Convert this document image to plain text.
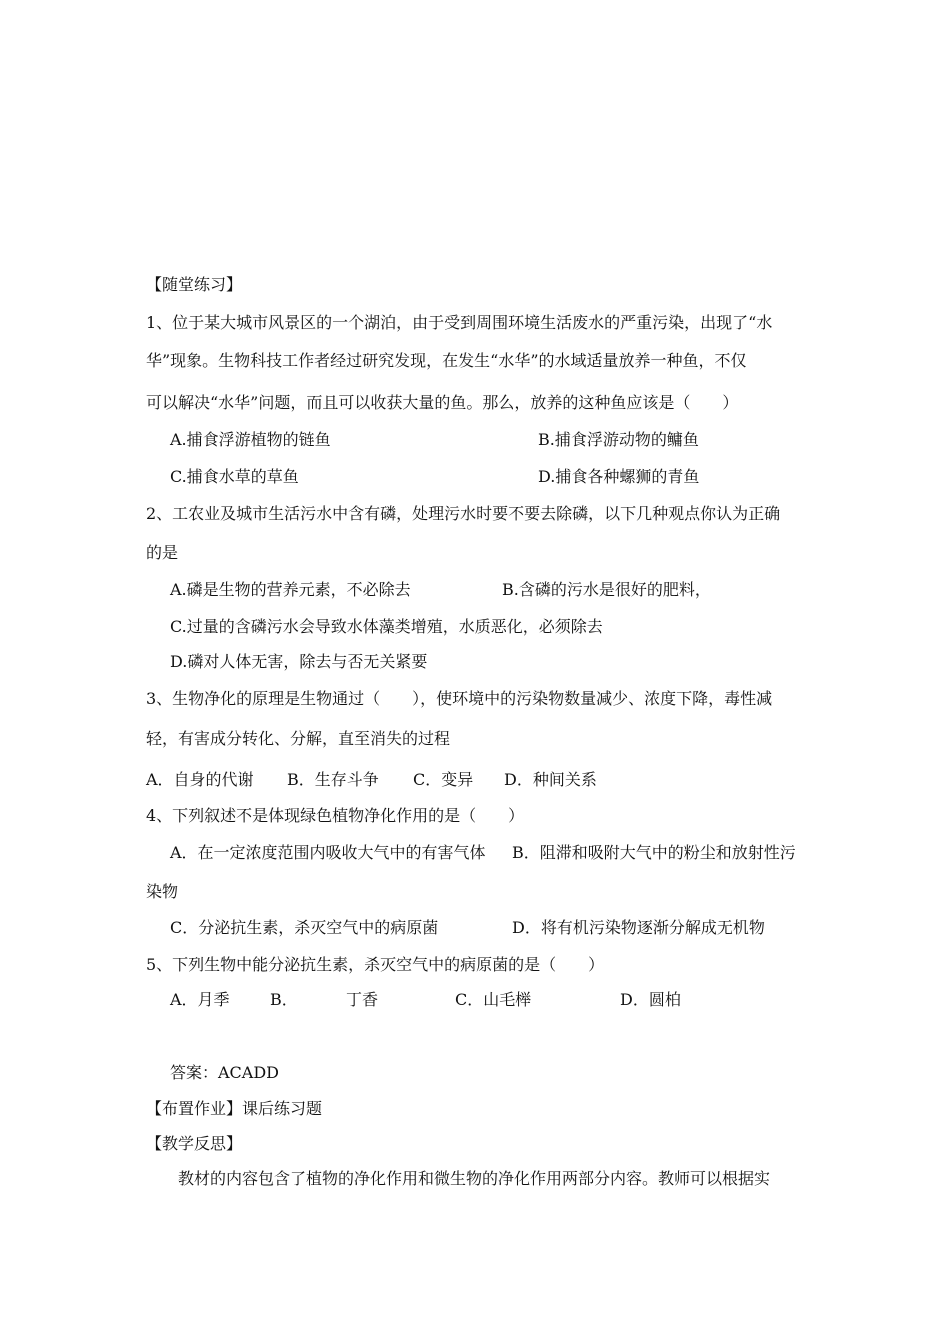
【随堂练习】
1、位于某大城市风景区的一个湖泊，由于受到周围环境生活废水的严重污染，出现了“水
华”现象。生物科技工作者经过研究发现，在发生“水华”的水域适量放养一种鱼，不仅
可以解决“水华”问题，而且可以收获大量的鱼。那么，放养的这种鱼应该是（　　）
A.捕食浮游植物的链鱼	B.捕食浮游动物的鳙鱼
C.捕食水草的草鱼	D.捕食各种螺狮的青鱼
2、工农业及城市生活污水中含有磷，处理污水时要不要去除磷，以下几种观点你认为正确
的是
A.磷是生物的营养元素，不必除去	B.含磷的污水是很好的肥料，
C.过量的含磷污水会导致水体藻类增殖，水质恶化，必须除去
D.磷对人体无害，除去与否无关紧要
3、生物净化的原理是生物通过（　　），使环境中的污染物数量减少、浓度下降，毒性减
轻，有害成分转化、分解，直至消失的过程
A．自身的代谢 B．生存斗争 C．变异 D．种间关系
4、下列叙述不是体现绿色植物净化作用的是（　　）
A．在一定浓度范围内吸收大气中的有害气体 B．阻滞和吸附大气中的粉尘和放射性污
染物
C．分泌抗生素，杀灭空气中的病原菌	D．将有机污染物逐渐分解成无机物
5、下列生物中能分泌抗生素，杀灭空气中的病原菌的是（　　）
A．月季	B．	丁香	C．山毛榉	D．圆柏
答案：ACADD
【布置作业】课后练习题
【教学反思】
教材的内容包含了植物的净化作用和微生物的净化作用两部分内容。教师可以根据实
